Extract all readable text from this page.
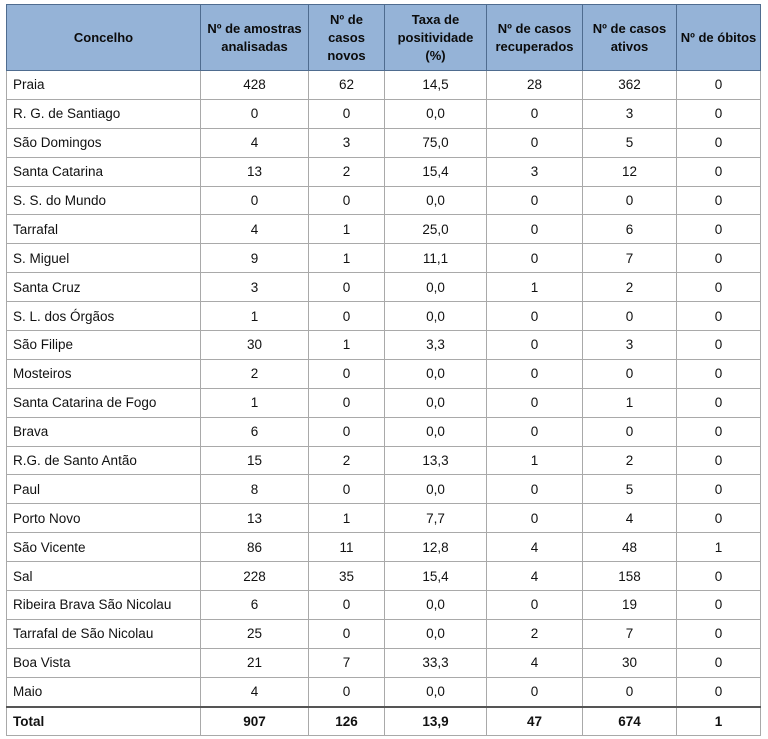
Concelho	Nº de amostras analisadas	Nº de casos novos	Taxa de positividade (%)	Nº de casos recuperados	Nº de casos ativos	Nº de óbitos
Praia	428	62	14,5	28	362	0
R. G. de Santiago	0	0	0,0	0	3	0
São Domingos	4	3	75,0	0	5	0
Santa Catarina	13	2	15,4	3	12	0
S. S. do Mundo	0	0	0,0	0	0	0
Tarrafal	4	1	25,0	0	6	0
S. Miguel	9	1	11,1	0	7	0
Santa Cruz	3	0	0,0	1	2	0
S. L. dos Órgãos	1	0	0,0	0	0	0
São Filipe	30	1	3,3	0	3	0
Mosteiros	2	0	0,0	0	0	0
Santa Catarina de Fogo	1	0	0,0	0	1	0
Brava	6	0	0,0	0	0	0
R.G. de Santo Antão	15	2	13,3	1	2	0
Paul	8	0	0,0	0	5	0
Porto Novo	13	1	7,7	0	4	0
São Vicente	86	11	12,8	4	48	1
Sal	228	35	15,4	4	158	0
Ribeira Brava São Nicolau	6	0	0,0	0	19	0
Tarrafal de São Nicolau	25	0	0,0	2	7	0
Boa Vista	21	7	33,3	4	30	0
Maio	4	0	0,0	0	0	0
Total	907	126	13,9	47	674	1
